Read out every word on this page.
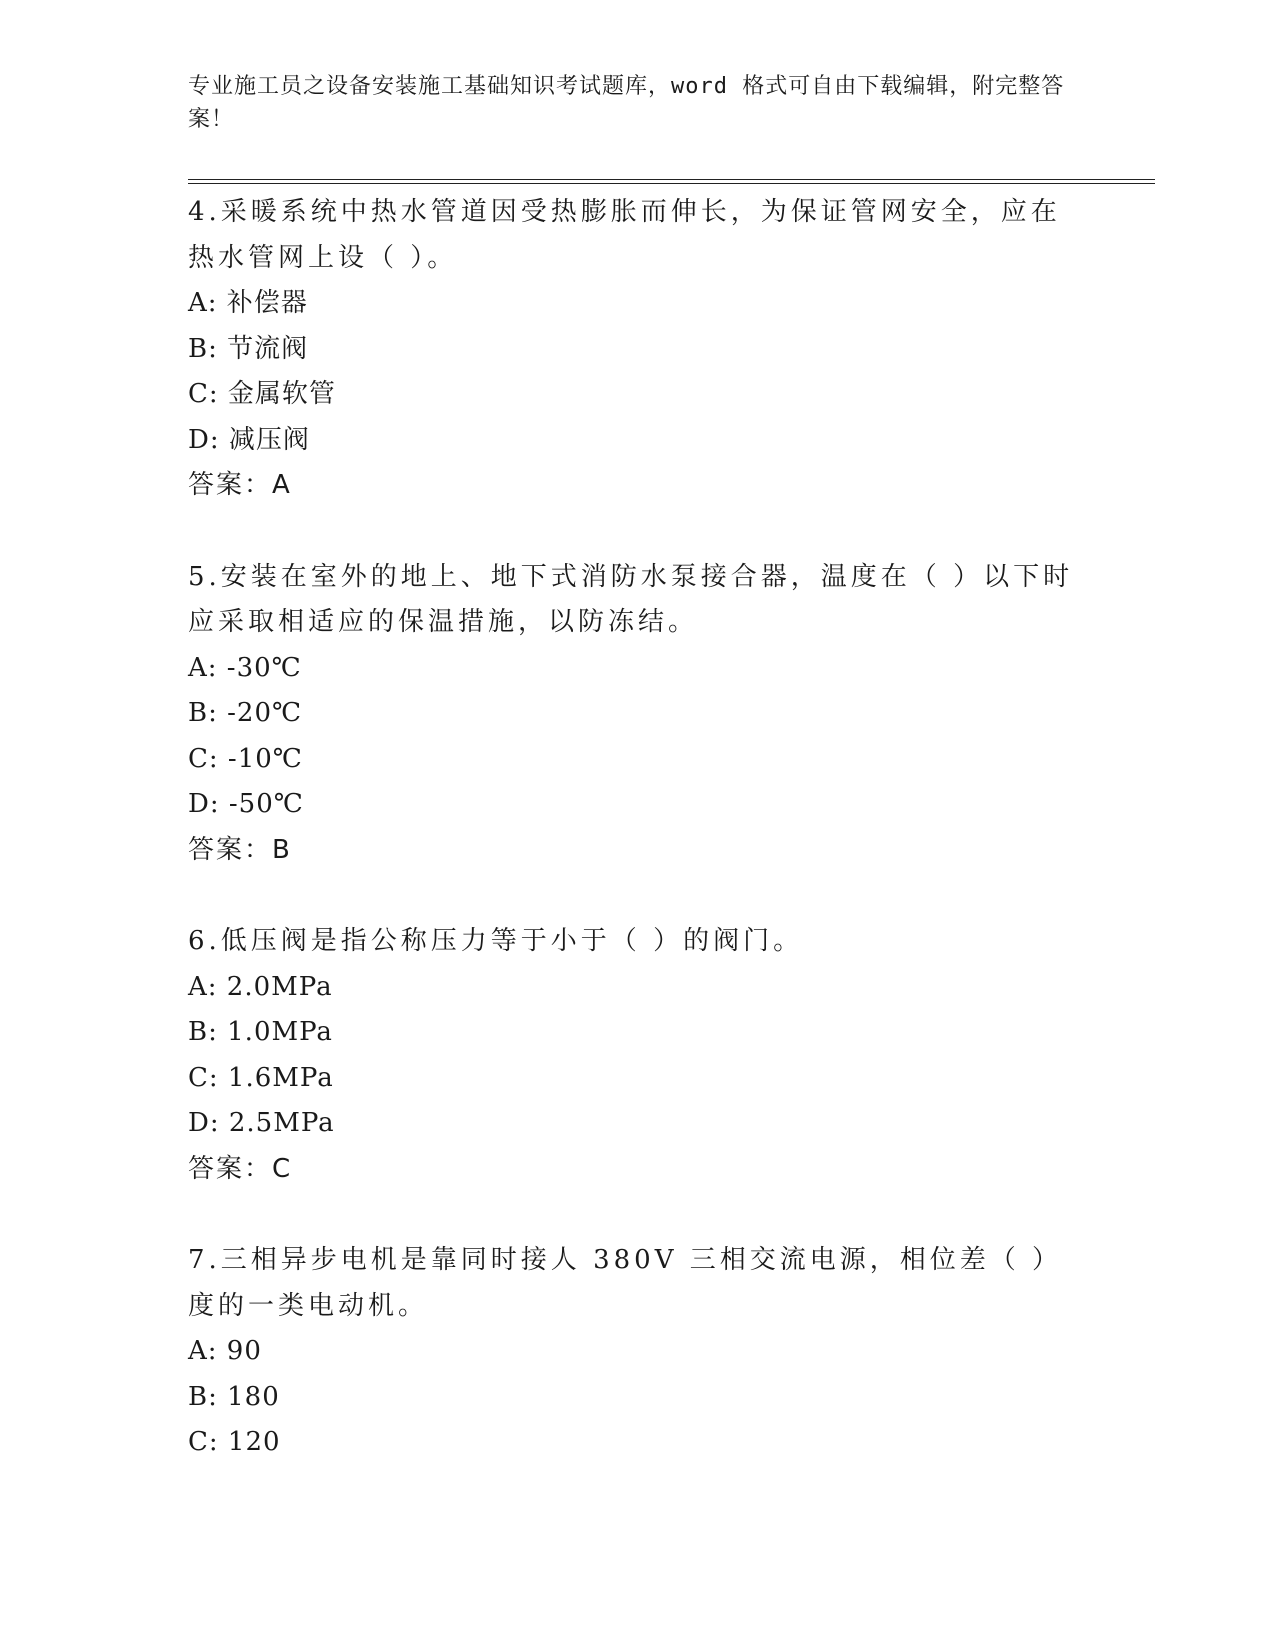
专业施工员之设备安装施工基础知识考试题库，word 格式可自由下载编辑，附完整答案！

4.采暖系统中热水管道因受热膨胀而伸长，为保证管网安全，应在热水管网上设（ ）。

A: 补偿器

B: 节流阀

C: 金属软管

D: 减压阀

答案：A

5.安装在室外的地上、地下式消防水泵接合器，温度在（ ）以下时应采取相适应的保温措施，以防冻结。

A: -30℃

B: -20℃

C: -10℃

D: -50℃

答案：B

6.低压阀是指公称压力等于小于（ ）的阀门。

A: 2.0MPa

B: 1.0MPa

C: 1.6MPa

D: 2.5MPa

答案：C

7.三相异步电机是靠同时接人 380V 三相交流电源，相位差（ ）度的一类电动机。

A: 90

B: 180

C: 120
